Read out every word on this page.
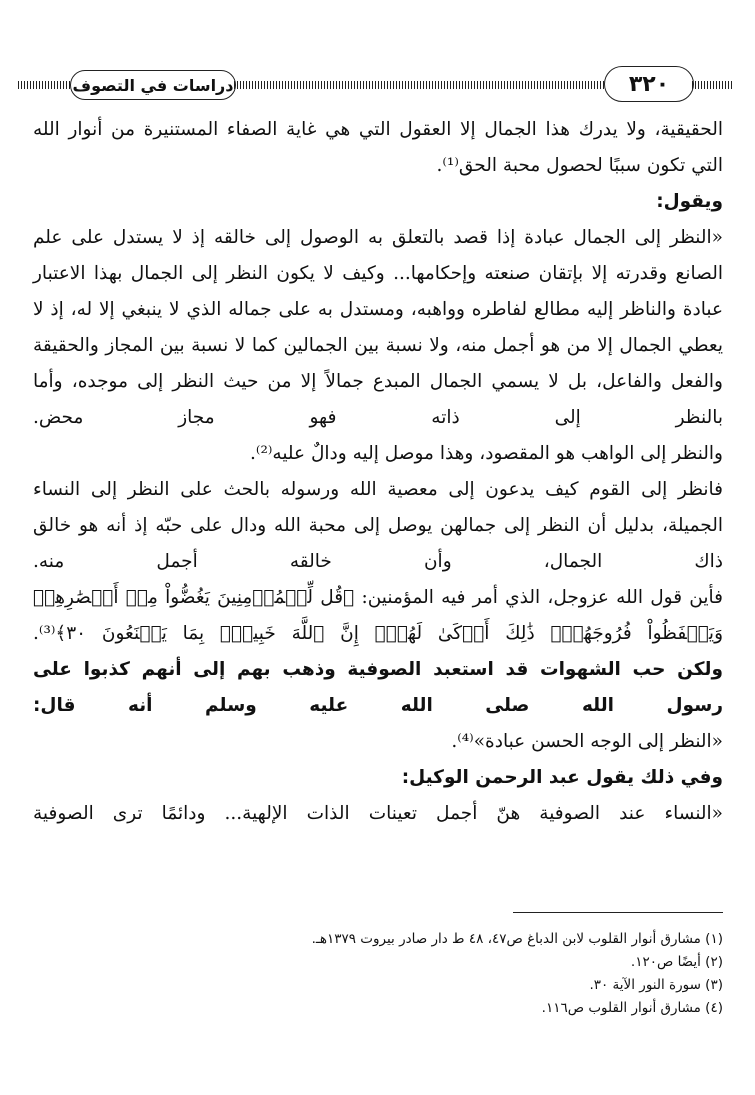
دراسات في التصوف	٣٢٠

الحقيقية، ولا يدرك هذا الجمال إلا العقول التي هي غاية الصفاء المستنيرة من أنوار الله

التي تكون سببًا لحصول محبة الحق⁽¹⁾.

ويقول:

«النظر إلى الجمال عبادة إذا قصد بالتعلق به الوصول إلى خالقه إذ لا يستدل على علم الصانع وقدرته إلا بإتقان صنعته وإحكامها... وكيف لا يكون النظر إلى الجمال بهذا الاعتبار عبادة والناظر إليه مطالع لفاطره وواهبه، ومستدل به على جماله الذي لا ينبغي إلا له، إذ لا يعطي الجمال إلا من هو أجمل منه، ولا نسبة بين الجمالين كما لا نسبة بين المجاز والحقيقة والفعل والفاعل، بل لا يسمي الجمال المبدع جمالاً إلا من حيث النظر إلى موجده، وأما بالنظر إلى ذاته فهو مجاز محض.

والنظر إلى الواهب هو المقصود، وهذا موصل إليه ودالٌ عليه⁽²⁾.

فانظر إلى القوم كيف يدعون إلى معصية الله ورسوله بالحث على النظر إلى النساء الجميلة، بدليل أن النظر إلى جمالهن يوصل إلى محبة الله ودال على حبّه إذ أنه هو خالق ذاك الجمال، وأن خالقه أجمل منه.

فأين قول الله عزوجل، الذي أمر فيه المؤمنين: ﴿قُل لِّلۡمُؤۡمِنِينَ يَغُضُّواْ مِنۡ أَبۡصَٰرِهِمۡ وَيَحۡفَظُواْ فُرُوجَهُمۡۚ ذَٰلِكَ أَزۡكَىٰ لَهُمۡۗ إِنَّ ٱللَّهَ خَبِيرُۢ بِمَا يَصۡنَعُونَ ٣٠﴾⁽³⁾.

ولكن حب الشهوات قد استعبد الصوفية وذهب بهم إلى أنهم كذبوا على رسول الله صلى الله عليه وسلم أنه قال:

«النظر إلى الوجه الحسن عبادة»⁽⁴⁾.

وفي ذلك يقول عبد الرحمن الوكيل:

«النساء عند الصوفية هنّ أجمل تعينات الذات الإلهية... ودائمًا ترى الصوفية

(١) مشارق أنوار القلوب لابن الدباغ ص٤٧، ٤٨ ط دار صادر بيروت ١٣٧٩هـ.
(٢) أيضًا ص١٢٠.
(٣) سورة النور الآية ٣٠.
(٤) مشارق أنوار القلوب ص١١٦.
